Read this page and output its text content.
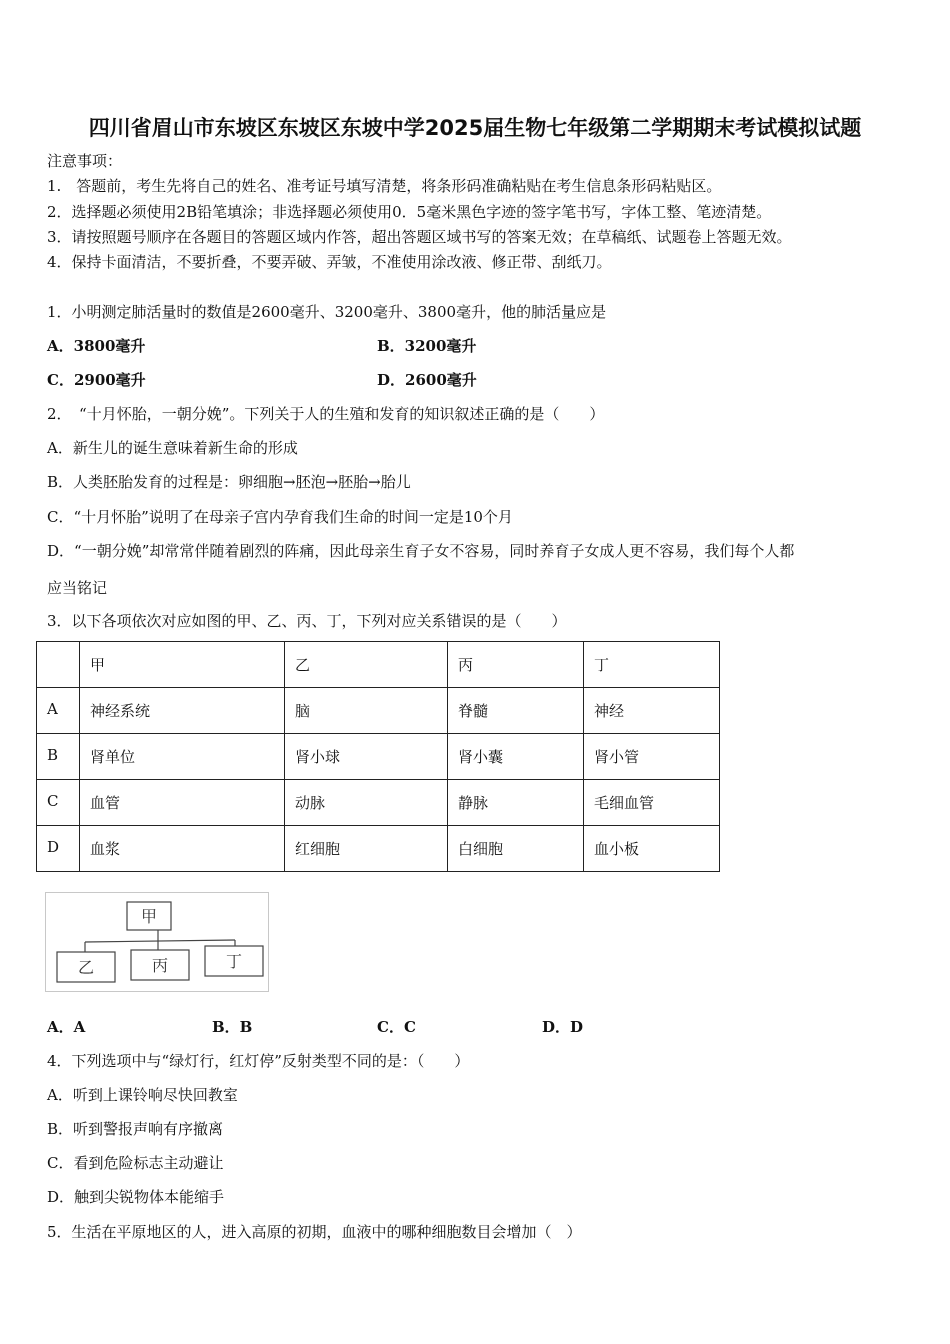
四川省眉山市东坡区东坡区东坡中学2025届生物七年级第二学期期末考试模拟试题
注意事项：
1.　答题前，考生先将自己的姓名、准考证号填写清楚，将条形码准确粘贴在考生信息条形码粘贴区。
2．选择题必须使用2B铅笔填涂；非选择题必须使用0．5毫米黑色字迹的签字笔书写，字体工整、笔迹清楚。
3．请按照题号顺序在各题目的答题区域内作答，超出答题区域书写的答案无效；在草稿纸、试题卷上答题无效。
4．保持卡面清洁，不要折叠，不要弄破、弄皱，不准使用涂改液、修正带、刮纸刀。
1．小明测定肺活量时的数值是2600毫升、3200毫升、3800毫升，他的肺活量应是
A．3800毫升	B．3200毫升
C．2900毫升	D．2600毫升
2．　“十月怀胎，一朝分娩”。下列关于人的生殖和发育的知识叙述正确的是（　　）
A．新生儿的诞生意味着新生命的形成
B．人类胚胎发育的过程是：卵细胞→胚泡→胚胎→胎儿
C．“十月怀胎”说明了在母亲子宫内孕育我们生命的时间一定是10个月
D．“一朝分娩”却常常伴随着剧烈的阵痛，因此母亲生育子女不容易，同时养育子女成人更不容易，我们每个人都
应当铭记
3．以下各项依次对应如图的甲、乙、丙、丁，下列对应关系错误的是（　　）
	甲	乙	丙	丁
A	神经系统	脑	脊髓	神经
B	肾单位	肾小球	肾小囊	肾小管
C	血管	动脉	静脉	毛细血管
D	血浆	红细胞	白细胞	血小板
甲
乙	丙	丁
A．A	B．B	C．C	D．D
4．下列选项中与“绿灯行，红灯停”反射类型不同的是：（　　）
A．听到上课铃响尽快回教室
B．听到警报声响有序撤离
C．看到危险标志主动避让
D．触到尖锐物体本能缩手
5．生活在平原地区的人，进入高原的初期，血液中的哪种细胞数目会增加（　）
